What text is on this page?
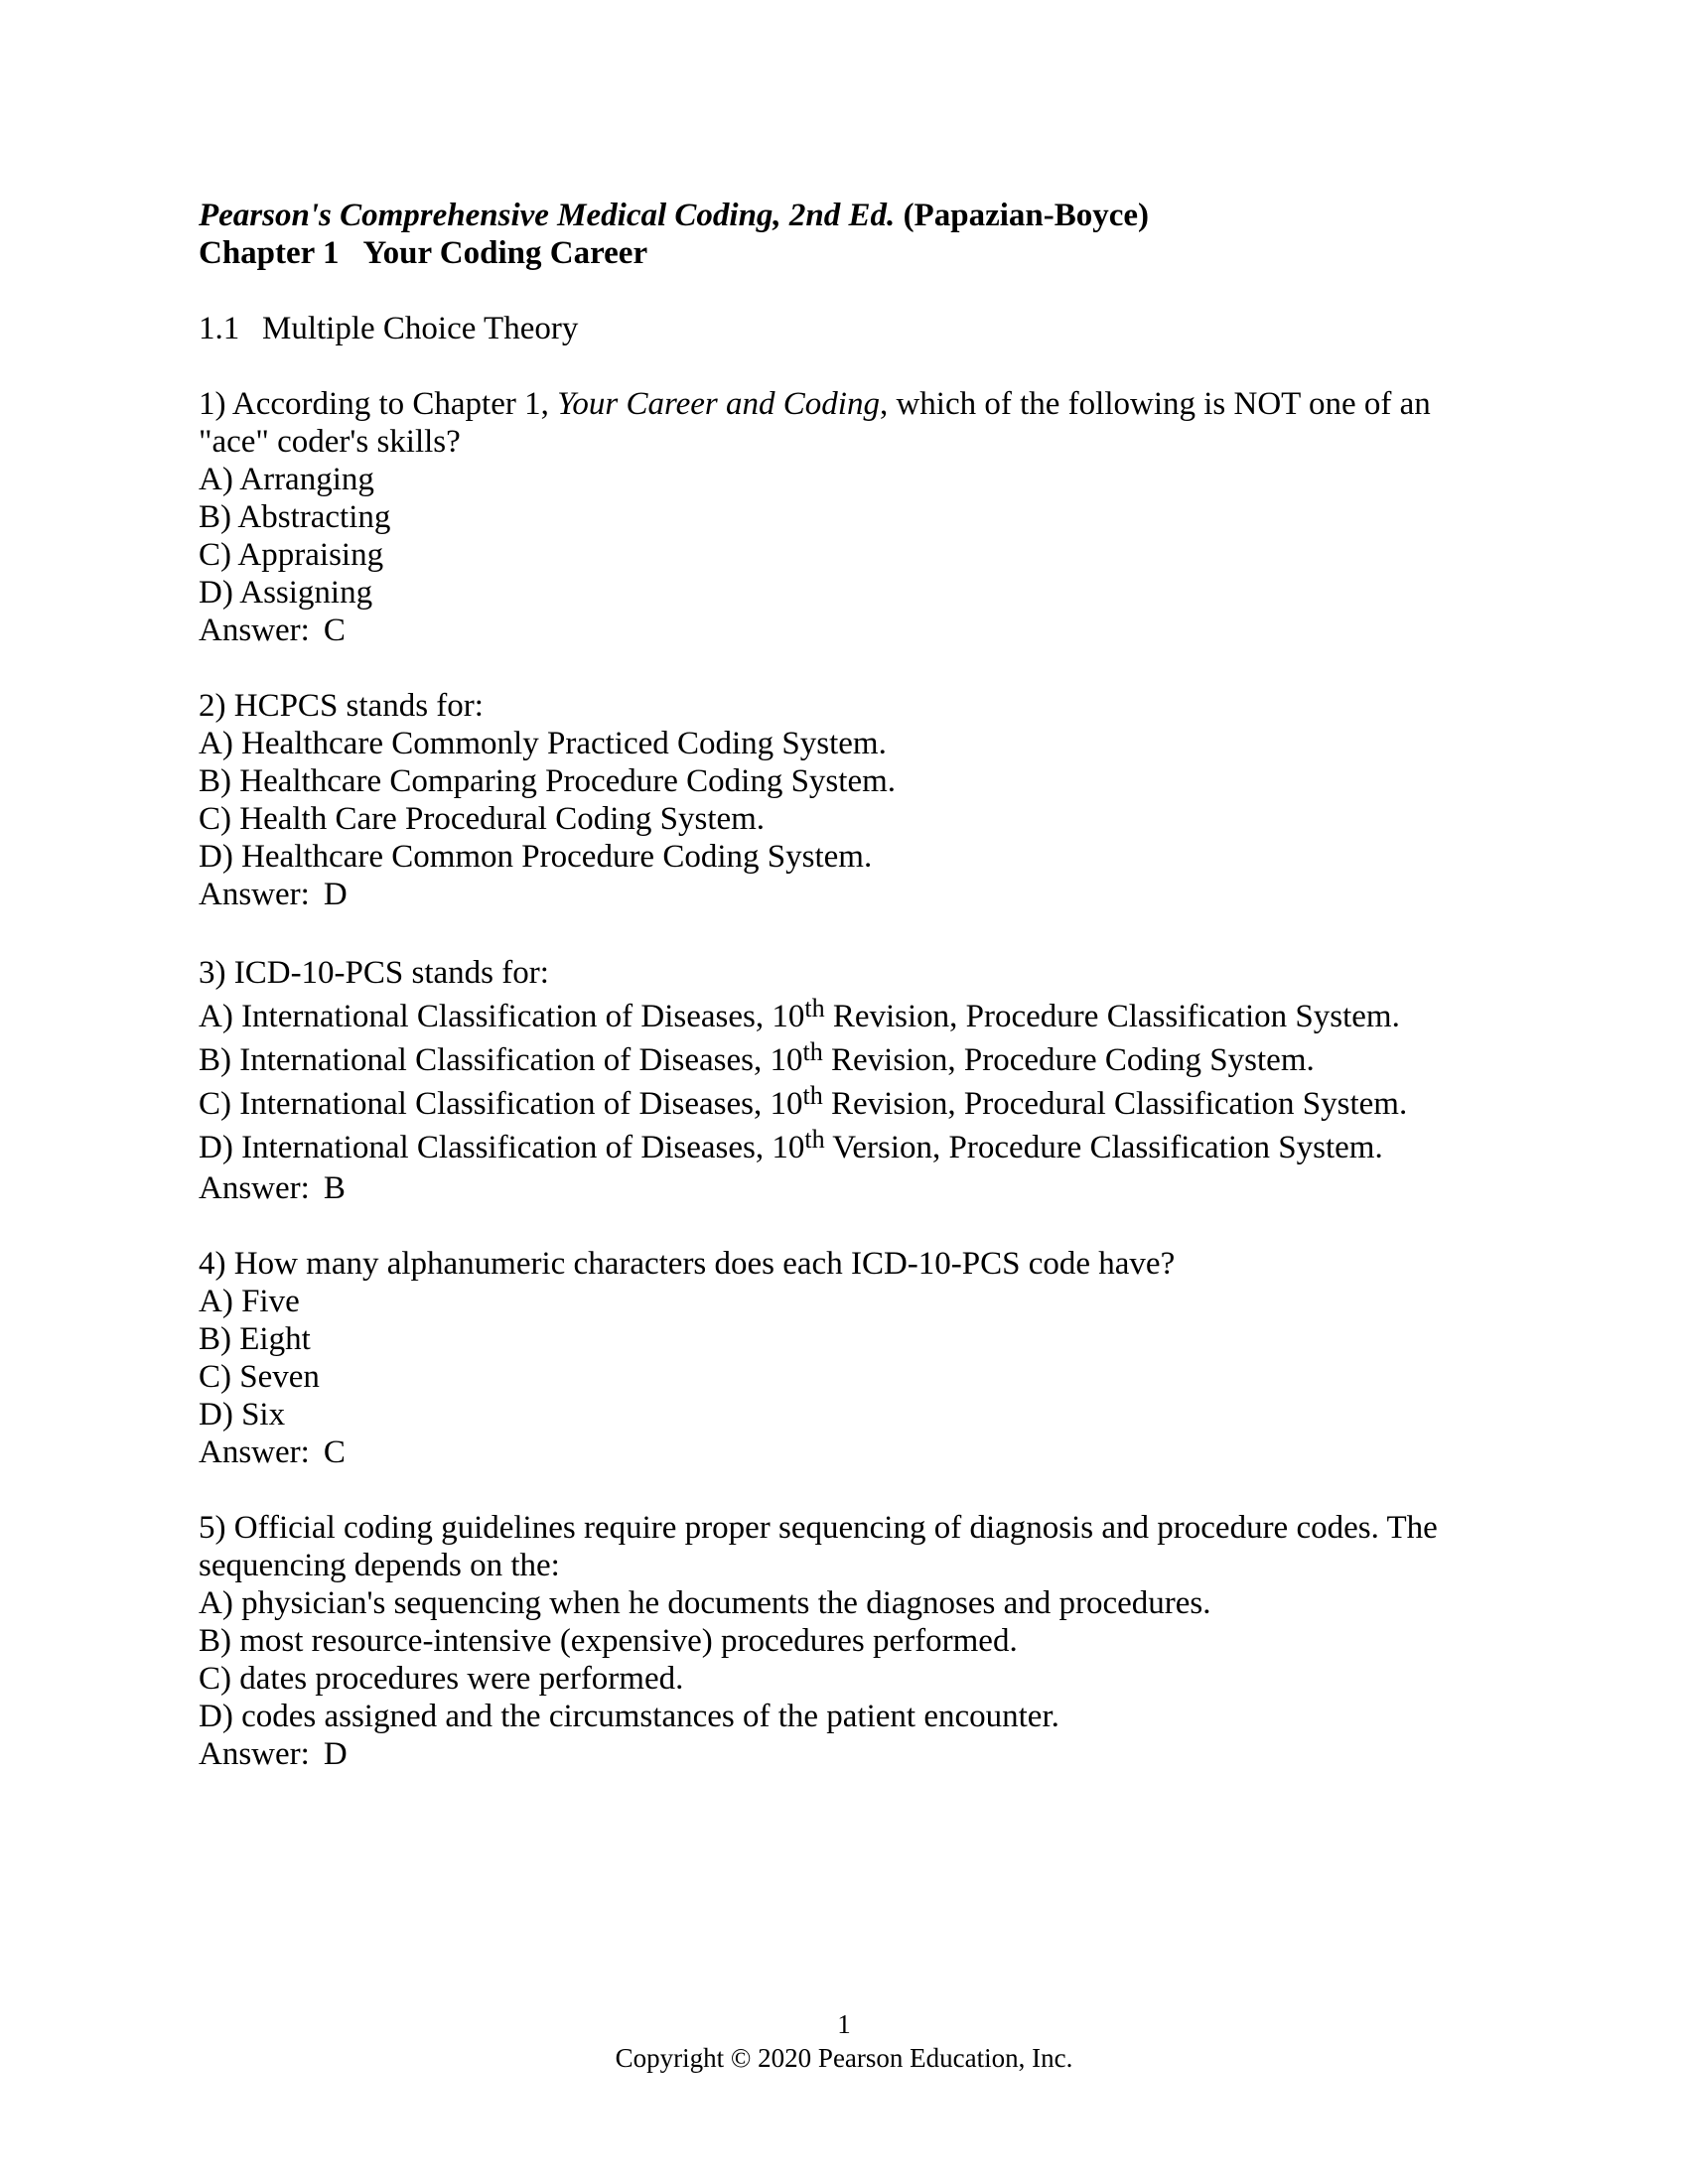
Pearson's Comprehensive Medical Coding, 2nd Ed. (Papazian-Boyce)
Chapter 1 Your Coding Career
1.1 Multiple Choice Theory
1) According to Chapter 1, Your Career and Coding, which of the following is NOT one of an
"ace" coder's skills?
A) Arranging
B) Abstracting
C) Appraising
D) Assigning
Answer: C
2) HCPCS stands for:
A) Healthcare Commonly Practiced Coding System.
B) Healthcare Comparing Procedure Coding System.
C) Health Care Procedural Coding System.
D) Healthcare Common Procedure Coding System.
Answer: D
3) ICD-10-PCS stands for:
A) International Classification of Diseases, 10th Revision, Procedure Classification System.
B) International Classification of Diseases, 10th Revision, Procedure Coding System.
C) International Classification of Diseases, 10th Revision, Procedural Classification System.
D) International Classification of Diseases, 10th Version, Procedure Classification System.
Answer: B
4) How many alphanumeric characters does each ICD-10-PCS code have?
A) Five
B) Eight
C) Seven
D) Six
Answer: C
5) Official coding guidelines require proper sequencing of diagnosis and procedure codes. The
sequencing depends on the:
A) physician's sequencing when he documents the diagnoses and procedures.
B) most resource-intensive (expensive) procedures performed.
C) dates procedures were performed.
D) codes assigned and the circumstances of the patient encounter.
Answer: D
1
Copyright © 2020 Pearson Education, Inc.
